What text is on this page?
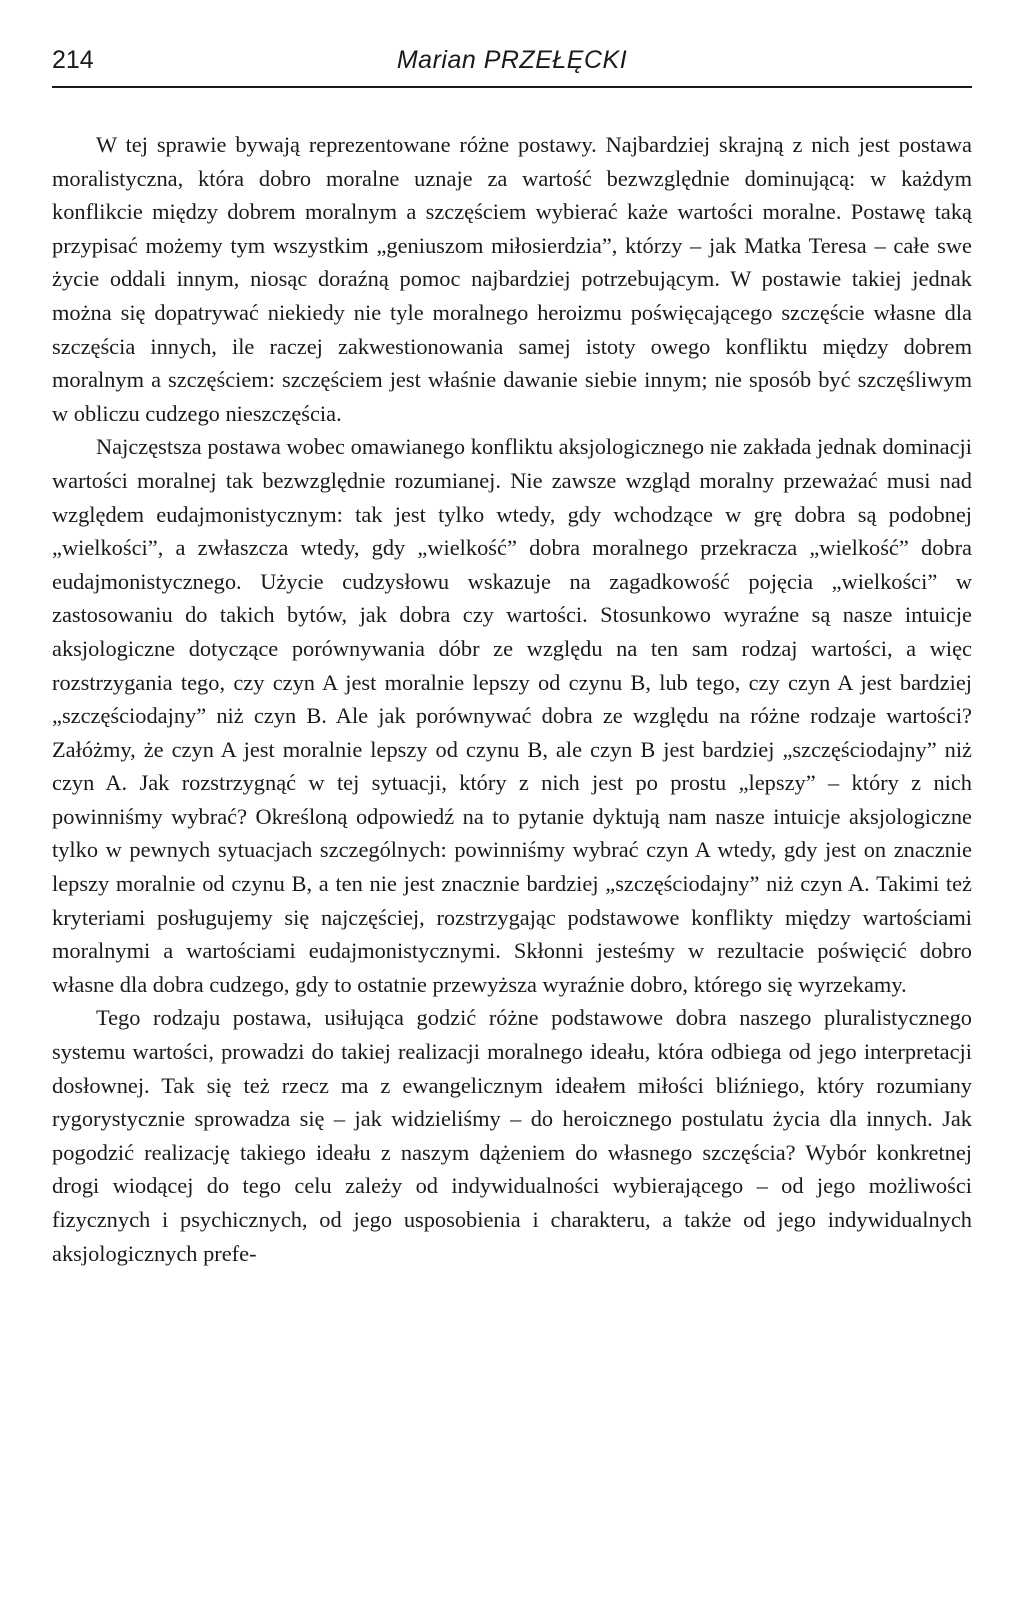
214	Marian PRZEŁĘCKI

W tej sprawie bywają reprezentowane różne postawy. Najbardziej skrajną z nich jest postawa moralistyczna, która dobro moralne uznaje za wartość bezwzględnie dominującą: w każdym konflikcie między dobrem moralnym a szczęściem wybierać każe wartości moralne. Postawę taką przypisać możemy tym wszystkim „geniuszom miłosierdzia”, którzy – jak Matka Teresa – całe swe życie oddali innym, niosąc doraźną pomoc najbardziej potrzebującym. W postawie takiej jednak można się dopatrywać niekiedy nie tyle moralnego heroizmu poświęcającego szczęście własne dla szczęścia innych, ile raczej zakwestionowania samej istoty owego konfliktu między dobrem moralnym a szczęściem: szczęściem jest właśnie dawanie siebie innym; nie sposób być szczęśliwym w obliczu cudzego nieszczęścia.

Najczęstsza postawa wobec omawianego konfliktu aksjologicznego nie zakłada jednak dominacji wartości moralnej tak bezwzględnie rozumianej. Nie zawsze wzgląd moralny przeważać musi nad względem eudajmonistycznym: tak jest tylko wtedy, gdy wchodzące w grę dobra są podobnej „wielkości”, a zwłaszcza wtedy, gdy „wielkość” dobra moralnego przekracza „wielkość” dobra eudajmonistycznego. Użycie cudzysłowu wskazuje na zagadkowość pojęcia „wielkości” w zastosowaniu do takich bytów, jak dobra czy wartości. Stosunkowo wyraźne są nasze intuicje aksjologiczne dotyczące porównywania dóbr ze względu na ten sam rodzaj wartości, a więc rozstrzygania tego, czy czyn A jest moralnie lepszy od czynu B, lub tego, czy czyn A jest bardziej „szczęściodajny” niż czyn B. Ale jak porównywać dobra ze względu na różne rodzaje wartości? Załóżmy, że czyn A jest moralnie lepszy od czynu B, ale czyn B jest bardziej „szczęściodajny” niż czyn A. Jak rozstrzygnąć w tej sytuacji, który z nich jest po prostu „lepszy” – który z nich powinniśmy wybrać? Określoną odpowiedź na to pytanie dyktują nam nasze intuicje aksjologiczne tylko w pewnych sytuacjach szczególnych: powinniśmy wybrać czyn A wtedy, gdy jest on znacznie lepszy moralnie od czynu B, a ten nie jest znacznie bardziej „szczęściodajny” niż czyn A. Takimi też kryteriami posługujemy się najczęściej, rozstrzygając podstawowe konflikty między wartościami moralnymi a wartościami eudajmonistycznymi. Skłonni jesteśmy w rezultacie poświęcić dobro własne dla dobra cudzego, gdy to ostatnie przewyższa wyraźnie dobro, którego się wyrzekamy.

Tego rodzaju postawa, usiłująca godzić różne podstawowe dobra naszego pluralistycznego systemu wartości, prowadzi do takiej realizacji moralnego ideału, która odbiega od jego interpretacji dosłownej. Tak się też rzecz ma z ewangelicznym ideałem miłości bliźniego, który rozumiany rygorystycznie sprowadza się – jak widzieliśmy – do heroicznego postulatu życia dla innych. Jak pogodzić realizację takiego ideału z naszym dążeniem do własnego szczęścia? Wybór konkretnej drogi wiodącej do tego celu zależy od indywidualności wybierającego – od jego możliwości fizycznych i psychicznych, od jego usposobienia i charakteru, a także od jego indywidualnych aksjologicznych prefe-
